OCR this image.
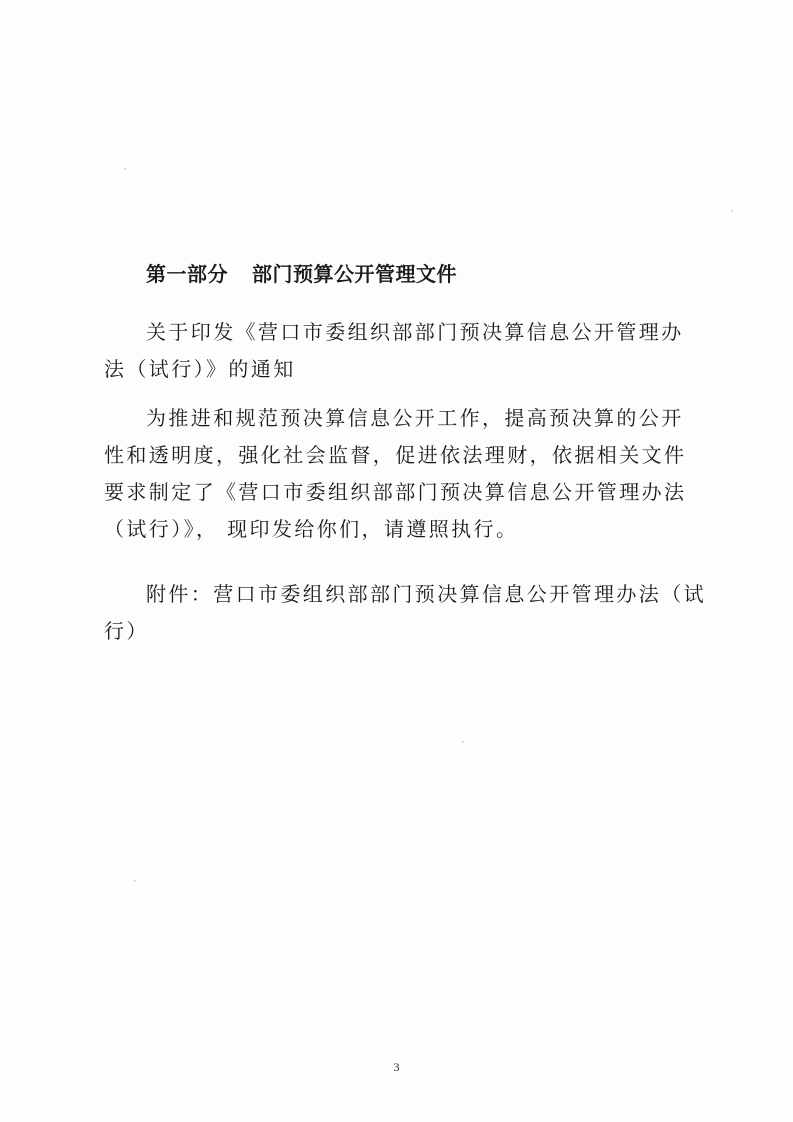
第一部分 部门预算公开管理文件

关于印发《营口市委组织部部门预决算信息公开管理办
法（试行）》的通知

为推进和规范预决算信息公开工作，提高预决算的公开
性和透明度，强化社会监督，促进依法理财，依据相关文件
要求制定了《营口市委组织部部门预决算信息公开管理办法
（试行）》， 现印发给你们，请遵照执行。

附件：营口市委组织部部门预决算信息公开管理办法（试
行）

3
